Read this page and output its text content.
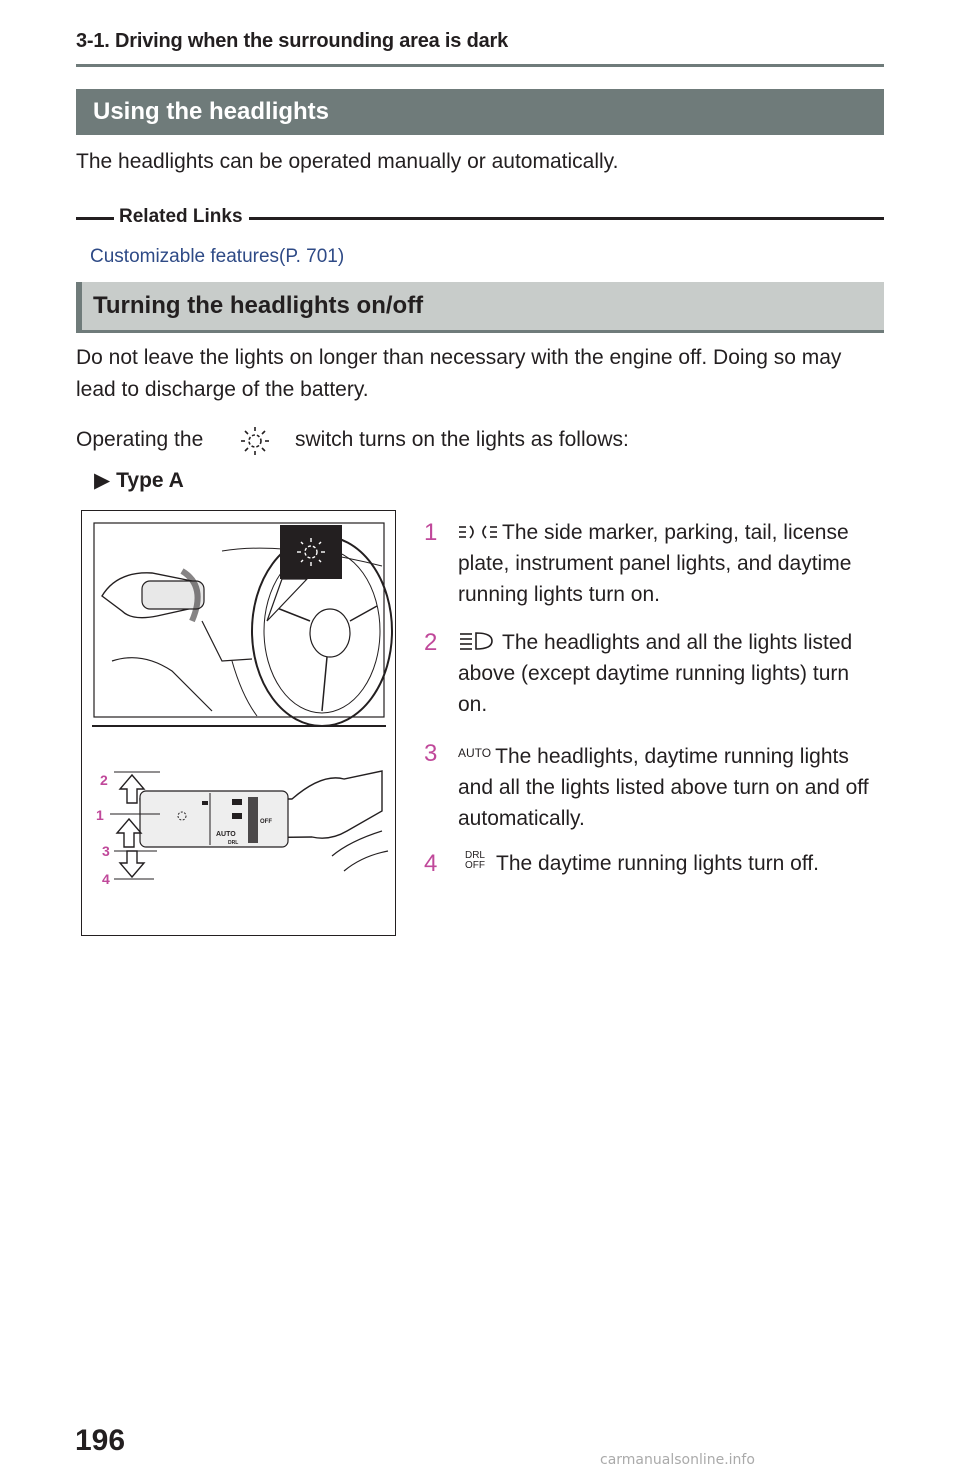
3-1. Driving when the surrounding area is dark
Using the headlights
The headlights can be operated manually or automatically.
Related Links
Customizable features(P. 701)
Turning the headlights on/off
Do not leave the lights on longer than necessary with the engine off. Doing so may
lead to discharge of the battery.
Operating the	switch turns on the lights as follows:
▶ Type A
AUTO
DRL
OFF
2
1
3
4
1	The side marker, parking, tail, license
plate, instrument panel lights, and daytime
running lights turn on.
2	The headlights and all the lights listed
above (except daytime running lights) turn
on.
3 AUTO The headlights, daytime running lights
and all the lights listed above turn on and off
automatically.
4	DRL
OFF The daytime running lights turn off.
196
carmanualsonline.info
